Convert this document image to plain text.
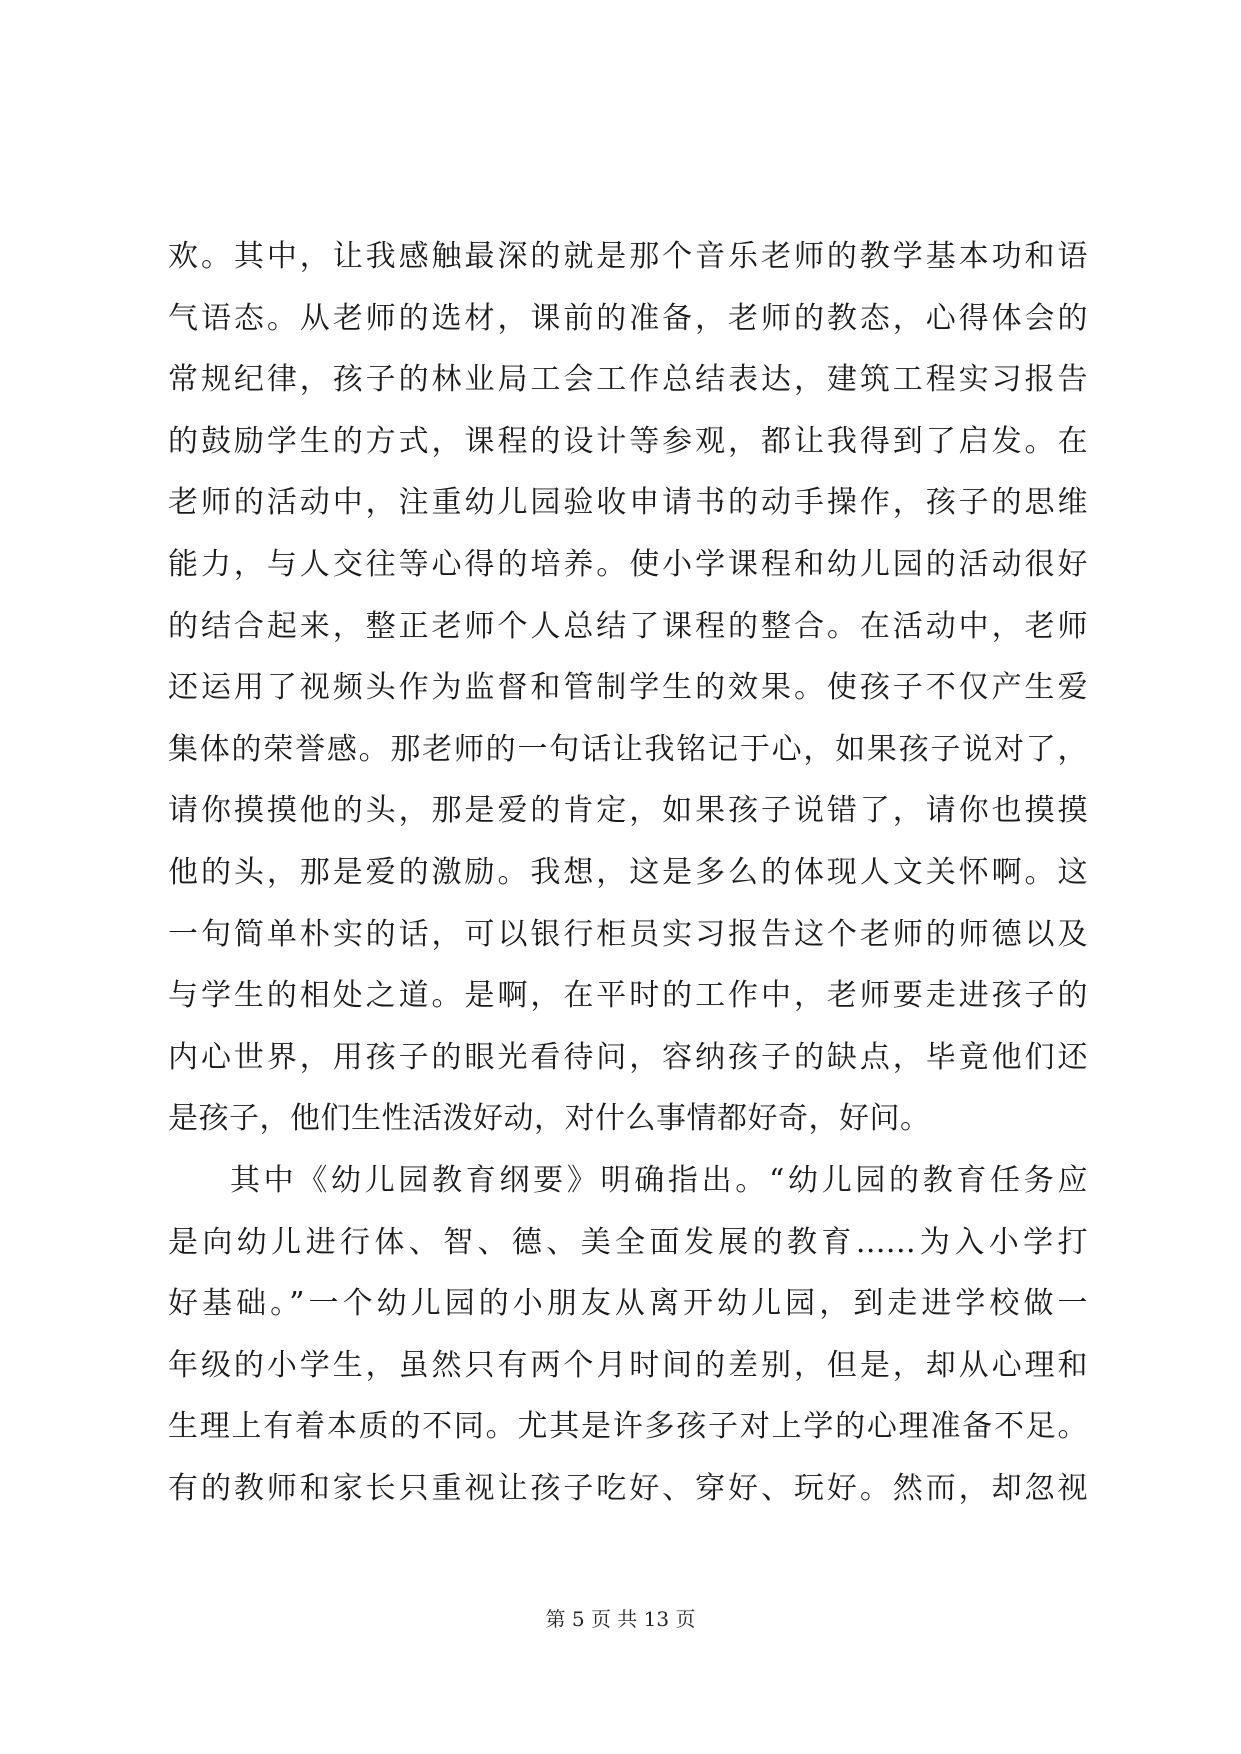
欢。其中，让我感触最深的就是那个音乐老师的教学基本功和语
气语态。从老师的选材，课前的准备，老师的教态，心得体会的
常规纪律，孩子的林业局工会工作总结表达，建筑工程实习报告
的鼓励学生的方式，课程的设计等参观，都让我得到了启发。在
老师的活动中，注重幼儿园验收申请书的动手操作，孩子的思维
能力，与人交往等心得的培养。使小学课程和幼儿园的活动很好
的结合起来，整正老师个人总结了课程的整合。在活动中，老师
还运用了视频头作为监督和管制学生的效果。使孩子不仅产生爱
集体的荣誉感。那老师的一句话让我铭记于心，如果孩子说对了，
请你摸摸他的头，那是爱的肯定，如果孩子说错了，请你也摸摸
他的头，那是爱的激励。我想，这是多么的体现人文关怀啊。这
一句简单朴实的话，可以银行柜员实习报告这个老师的师德以及
与学生的相处之道。是啊，在平时的工作中，老师要走进孩子的
内心世界，用孩子的眼光看待问，容纳孩子的缺点，毕竟他们还
是孩子，他们生性活泼好动，对什么事情都好奇，好问。
其中《幼儿园教育纲要》明确指出。“幼儿园的教育任务应
是向幼儿进行体、智、德、美全面发展的教育......为入小学打
好基础。”一个幼儿园的小朋友从离开幼儿园，到走进学校做一
年级的小学生，虽然只有两个月时间的差别，但是，却从心理和
生理上有着本质的不同。尤其是许多孩子对上学的心理准备不足。
有的教师和家长只重视让孩子吃好、穿好、玩好。然而，却忽视
第 5 页 共 13 页
